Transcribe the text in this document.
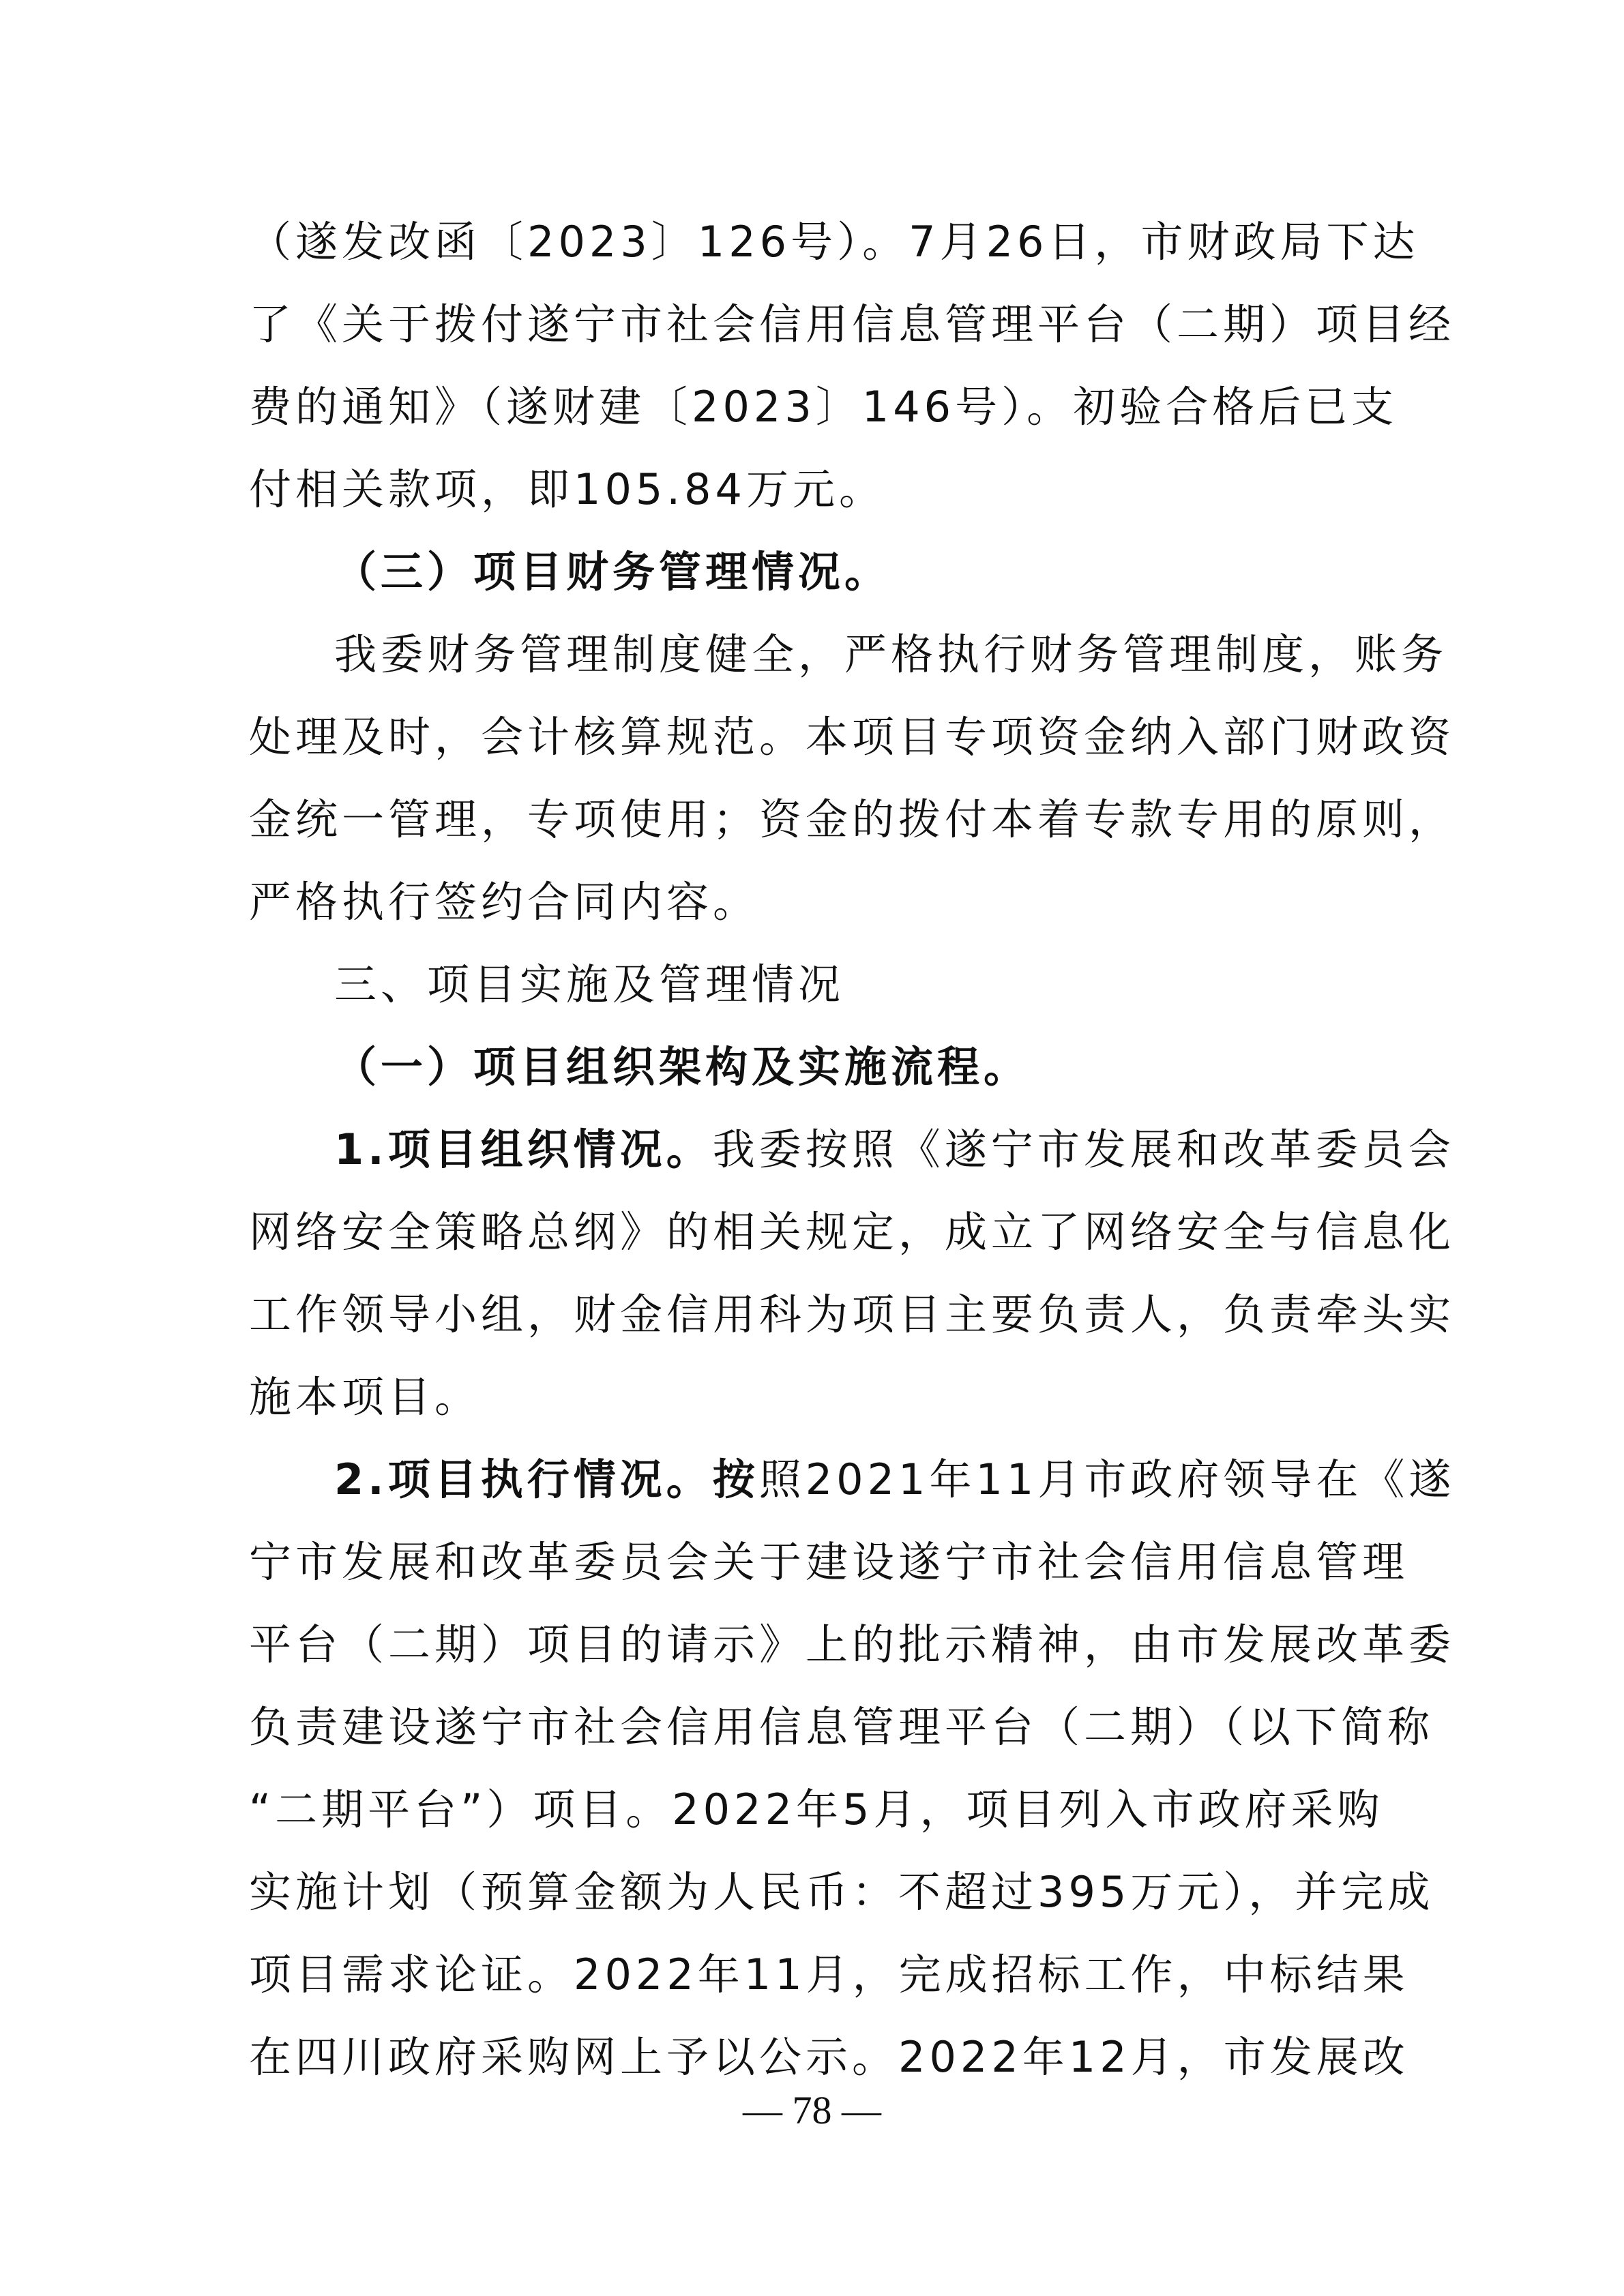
（遂发改函〔2023〕126号）。7月26日，市财政局下达
了《关于拨付遂宁市社会信用信息管理平台（二期）项目经
费的通知》（遂财建〔2023〕146号）。初验合格后已支
付相关款项，即105.84万元。
（三）项目财务管理情况。
我委财务管理制度健全，严格执行财务管理制度，账务
处理及时，会计核算规范。本项目专项资金纳入部门财政资
金统一管理，专项使用；资金的拨付本着专款专用的原则，
严格执行签约合同内容。
三、项目实施及管理情况
（一）项目组织架构及实施流程。
1.项目组织情况。我委按照《遂宁市发展和改革委员会
网络安全策略总纲》的相关规定，成立了网络安全与信息化
工作领导小组，财金信用科为项目主要负责人，负责牵头实
施本项目。
2.项目执行情况。按照2021年11月市政府领导在《遂
宁市发展和改革委员会关于建设遂宁市社会信用信息管理
平台（二期）项目的请示》上的批示精神，由市发展改革委
负责建设遂宁市社会信用信息管理平台（二期）（以下简称
“二期平台”）项目。2022年5月，项目列入市政府采购
实施计划（预算金额为人民币：不超过395万元），并完成
项目需求论证。2022年11月，完成招标工作，中标结果
在四川政府采购网上予以公示。2022年12月，市发展改
— 78 —
